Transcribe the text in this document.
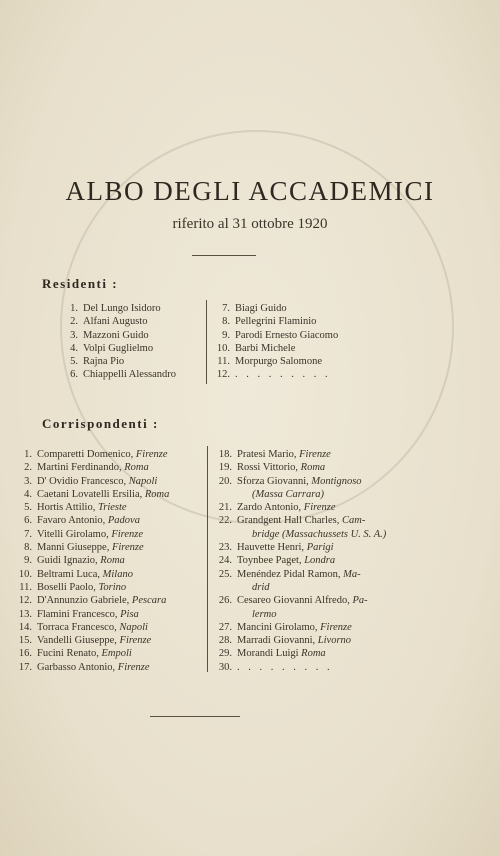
ALBO DEGLI ACCADEMICI
riferito al 31 ottobre 1920
Residenti :
1. Del Lungo Isidoro
2. Alfani Augusto
3. Mazzoni Guido
4. Volpi Guglielmo
5. Rajna Pio
6. Chiappelli Alessandro
7. Biagi Guido
8. Pellegrini Flaminio
9. Parodi Ernesto Giacomo
10. Barbi Michele
11. Morpurgo Salomone
12. . . . . . . . . .
Corrispondenti :
1. Comparetti Domenico,
Firenze
2. Martini Ferdinando,
Roma
3. D' Ovidio Francesco,
Napoli
4. Caetani Lovatelli Ersilia,
Roma
5. Hortis Attilio,
Trieste
6. Favaro Antonio,
Padova
7. Vitelli Girolamo,
Firenze
8. Manni Giuseppe,
Firenze
9. Guidi Ignazio,
Roma
10. Beltrami Luca,
Milano
11. Boselli Paolo,
Torino
12. D'Annunzio Gabriele,
Pescara
13. Flamini Francesco,
Pisa
14. Torraca Francesco,
Napoli
15. Vandelli Giuseppe,
Firenze
16. Fucini Renato,
Empoli
17. Garbasso Antonio,
Firenze
18. Pratesi Mario,
Firenze
19. Rossi Vittorio,
Roma
20. Sforza Giovanni,
Montignoso
(Massa Carrara)
21. Zardo Antonio,
Firenze
22. Grandgent Hall Charles,
Cam-
bridge (Massachussets U. S. A.)
23. Hauvette Henri,
Parigi
24. Toynbee Paget,
Londra
25. Menéndez Pidal Ramon,
Ma-
drid
26. Cesareo Giovanni Alfredo,
Pa-
lermo
27. Mancini Girolamo,
Firenze
28. Marradi Giovanni,
Livorno
29. Morandi Luigi
Roma
30. . . . . . . . . .
